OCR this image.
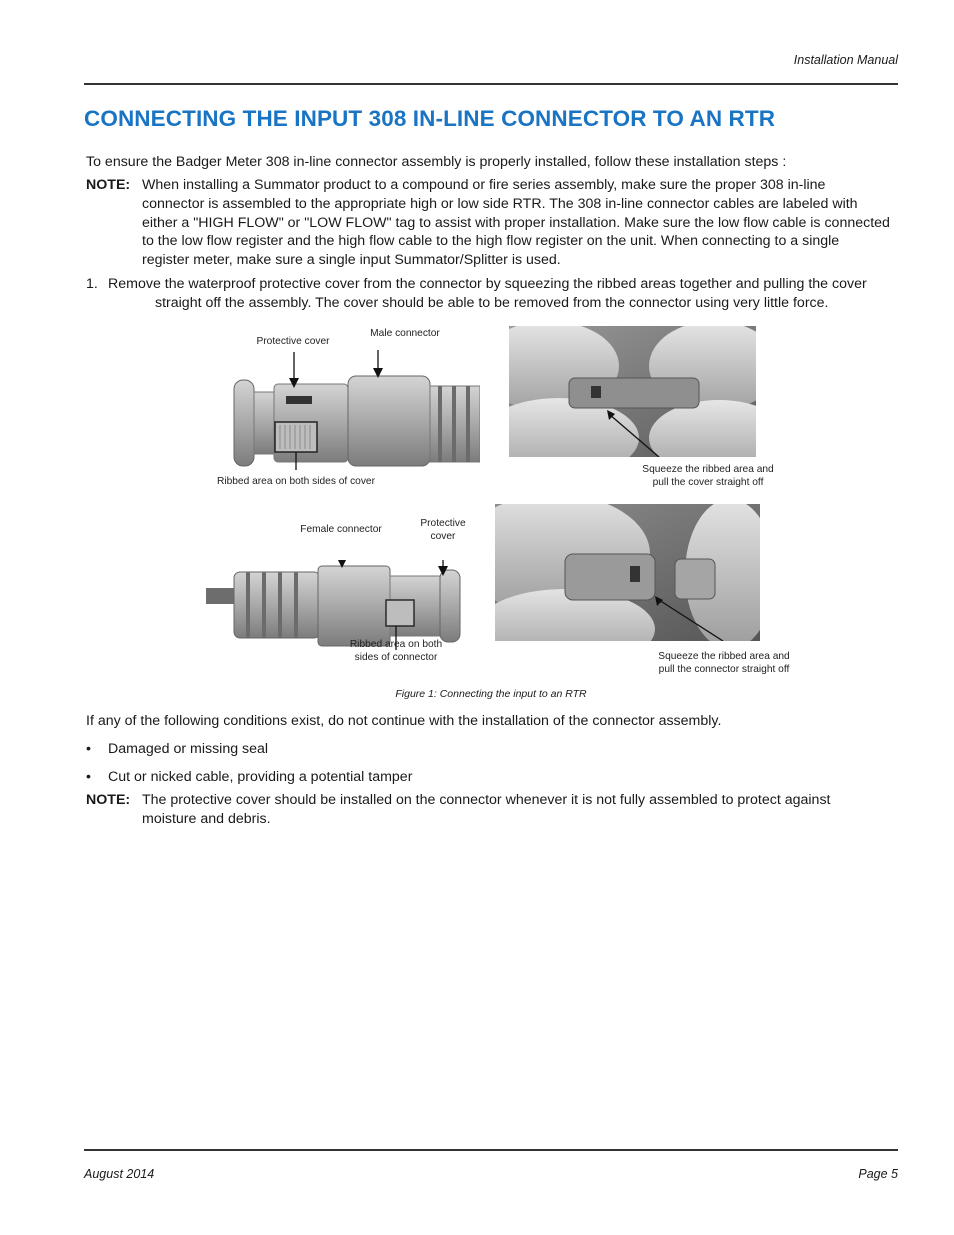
Installation Manual
CONNECTING THE INPUT 308 IN-LINE CONNECTOR TO AN RTR
To ensure the Badger Meter 308 in-line connector assembly is properly installed, follow these installation steps :
NOTE: When installing a Summator product to a compound or fire series assembly, make sure the proper 308 in-line
connector is assembled to the appropriate high or low side RTR. The 308 in-line connector cables are labeled with
either a "HIGH FLOW" or "LOW FLOW" tag to assist with proper installation. Make sure the low flow cable is connected
to the low flow register and the high flow cable to the high flow register on the unit. When connecting to a single
register meter, make sure a single input Summator/Splitter is used.
1. Remove the waterproof protective cover from the connector by squeezing the ribbed areas together and pulling the cover
straight off the assembly. The cover should be able to be removed from the connector using very little force.
Protective cover
Male connector
Ribbed area on both sides of cover
Squeeze the ribbed area and
pull the cover straight off
Female connector
Protective
cover
Ribbed area on both
sides of connector	Squeeze the ribbed area and
pull the connector straight off
Figure 1: Connecting the input to an RTR
If any of the following conditions exist, do not continue with the installation of the connector assembly.
• Damaged or missing seal
• Cut or nicked cable, providing a potential tamper
NOTE: The protective cover should be installed on the connector whenever it is not fully assembled to protect against
moisture and debris.
August 2014	Page 5
